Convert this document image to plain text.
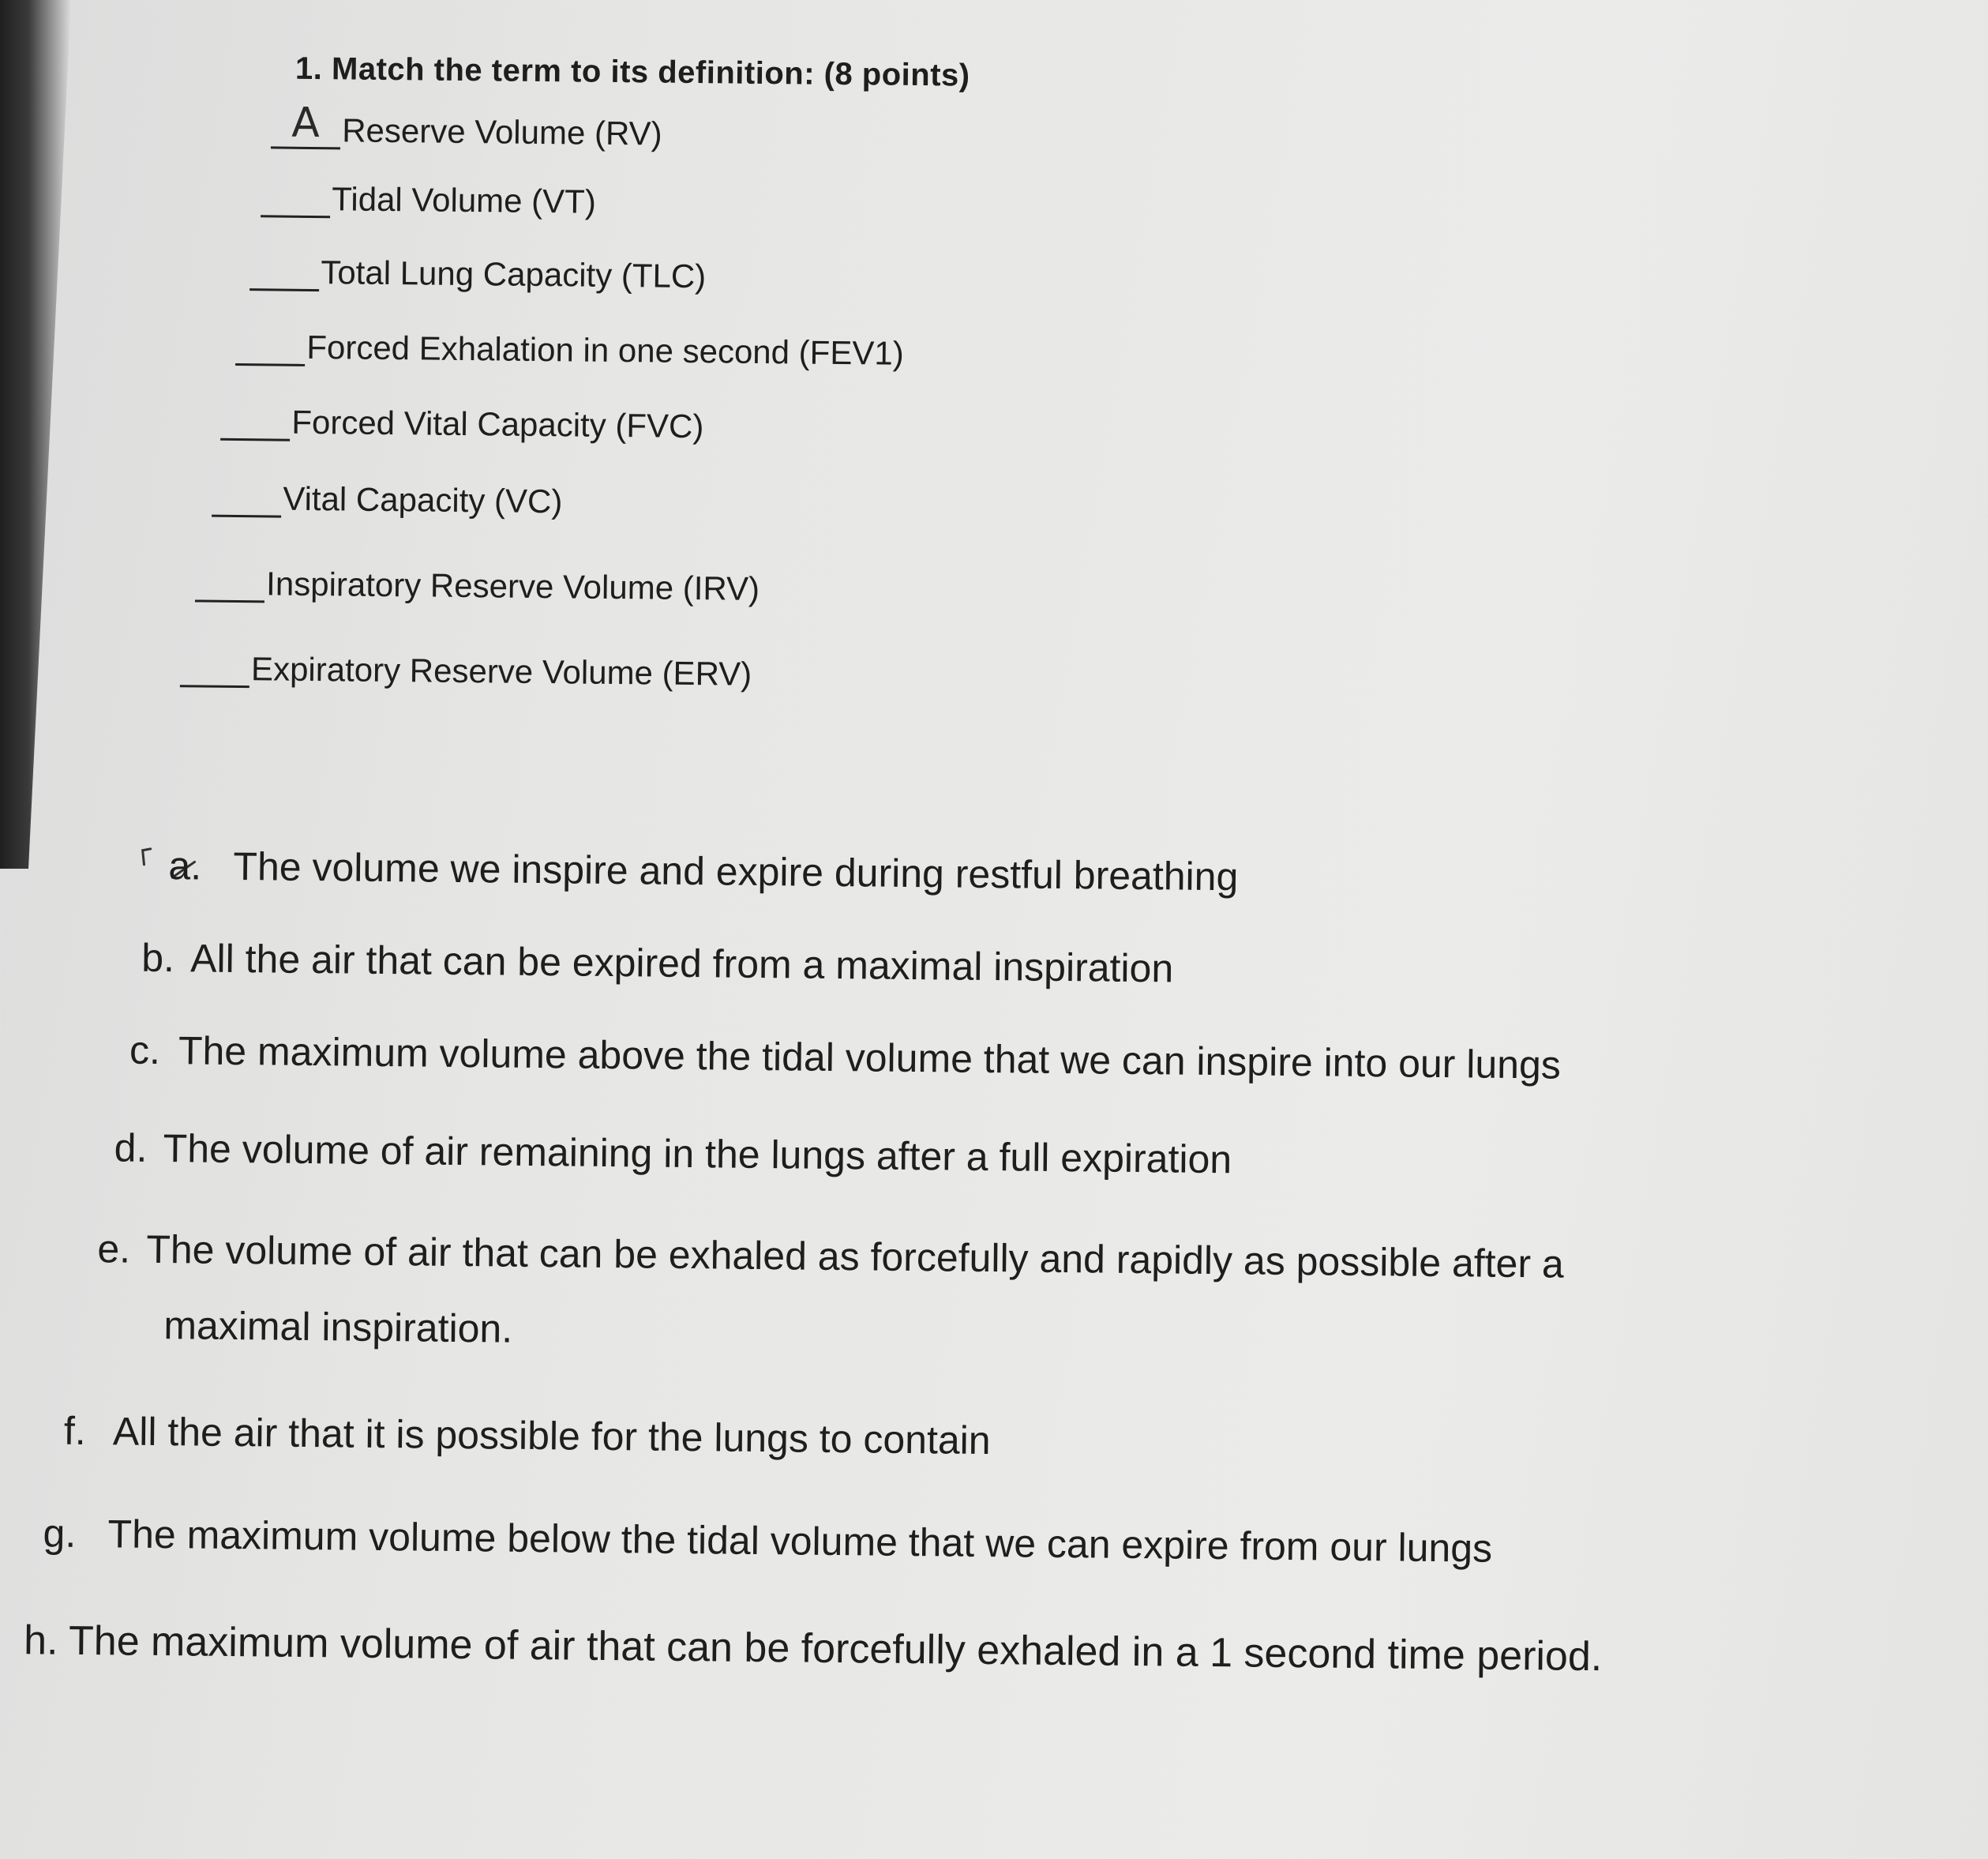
1. Match the term to its definition: (8 points)
A Reserve Volume (RV)
Tidal Volume (VT)
Total Lung Capacity (TLC)
Forced Exhalation in one second (FEV1)
Forced Vital Capacity (FVC)
Vital Capacity (VC)
Inspiratory Reserve Volume (IRV)
Expiratory Reserve Volume (ERV)
a. The volume we inspire and expire during restful breathing
b. All the air that can be expired from a maximal inspiration
c. The maximum volume above the tidal volume that we can inspire into our lungs
d. The volume of air remaining in the lungs after a full expiration
e. The volume of air that can be exhaled as forcefully and rapidly as possible after a
maximal inspiration.
f. All the air that it is possible for the lungs to contain
g. The maximum volume below the tidal volume that we can expire from our lungs
h. The maximum volume of air that can be forcefully exhaled in a 1 second time period.
